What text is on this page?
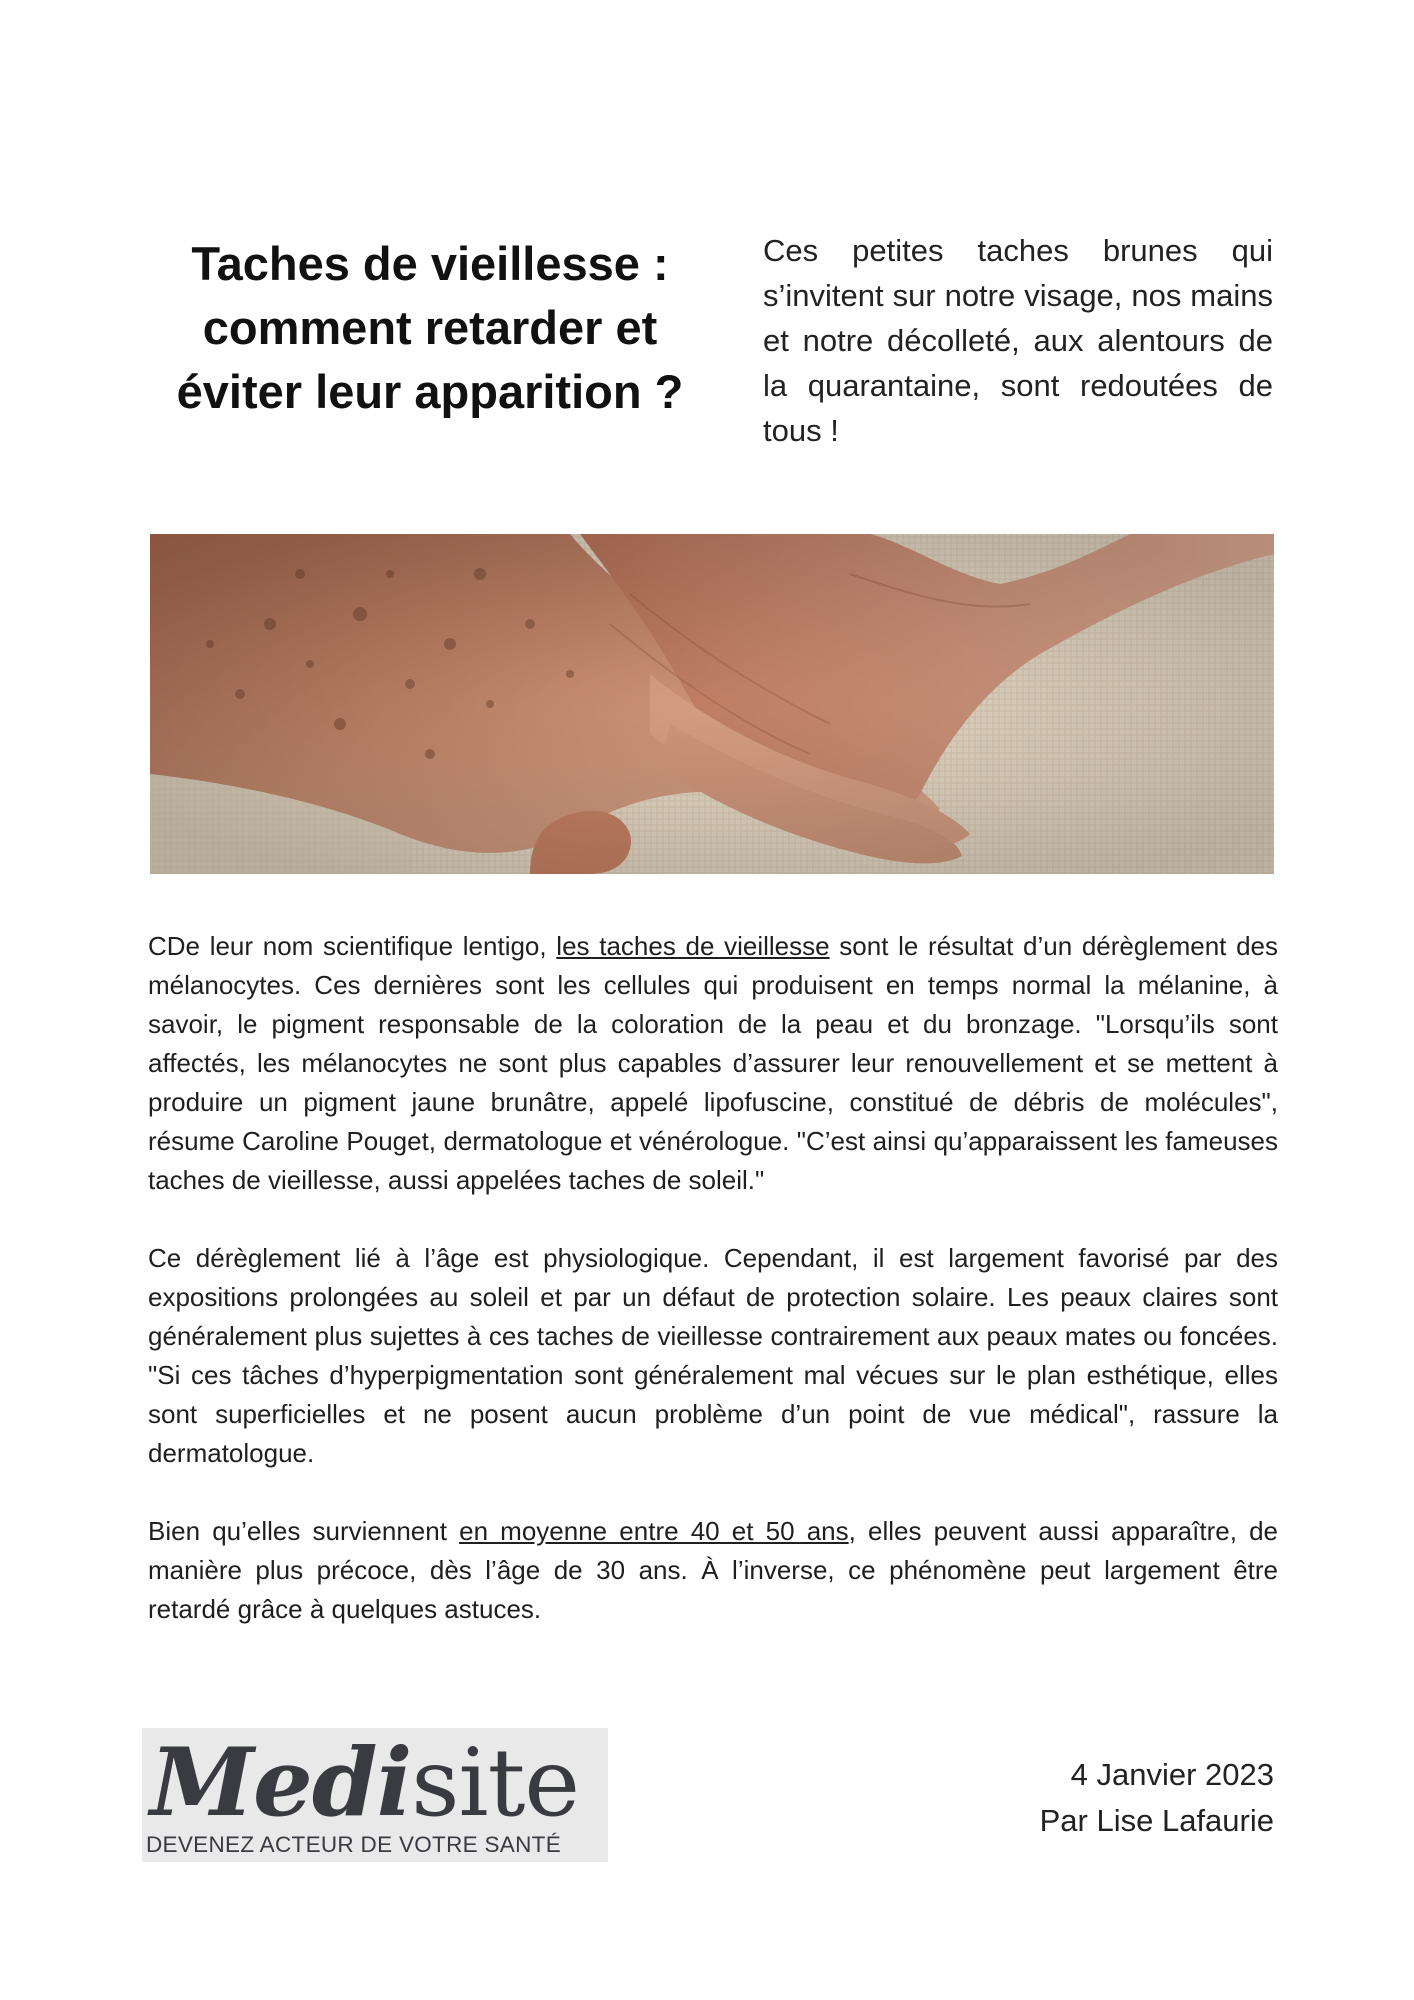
Taches de vieillesse :
comment retarder et
éviter leur apparition ?

Ces petites taches brunes qui s’invitent sur notre visage, nos mains et notre décolleté, aux alentours de la quarantaine, sont redoutées de tous !

CDe leur nom scientifique lentigo, les taches de vieillesse sont le résultat d’un dérèglement des mélanocytes. Ces dernières sont les cellules qui produisent en temps normal la mélanine, à savoir, le pigment responsable de la coloration de la peau et du bronzage. "Lorsqu’ils sont affectés, les mélanocytes ne sont plus capables d’assurer leur renouvellement et se mettent à produire un pigment jaune brunâtre, appelé lipofuscine, constitué de débris de molécules", résume Caroline Pouget, dermatologue et vénérologue. "C’est ainsi qu’apparaissent les fameuses taches de vieillesse, aussi appelées taches de soleil."

Ce dérèglement lié à l’âge est physiologique. Cependant, il est largement favorisé par des expositions prolongées au soleil et par un défaut de protection solaire. Les peaux claires sont généralement plus sujettes à ces taches de vieillesse contrairement aux peaux mates ou foncées. "Si ces tâches d’hyperpigmentation sont généralement mal vécues sur le plan esthétique, elles sont superficielles et ne posent aucun problème d’un point de vue médical", rassure la dermatologue.

Bien qu’elles surviennent en moyenne entre 40 et 50 ans, elles peuvent aussi apparaître, de manière plus précoce, dès l’âge de 30 ans. À l’inverse, ce phénomène peut largement être retardé grâce à quelques astuces.

Medisite
DEVENEZ ACTEUR DE VOTRE SANTÉ
4 Janvier 2023
Par Lise Lafaurie
